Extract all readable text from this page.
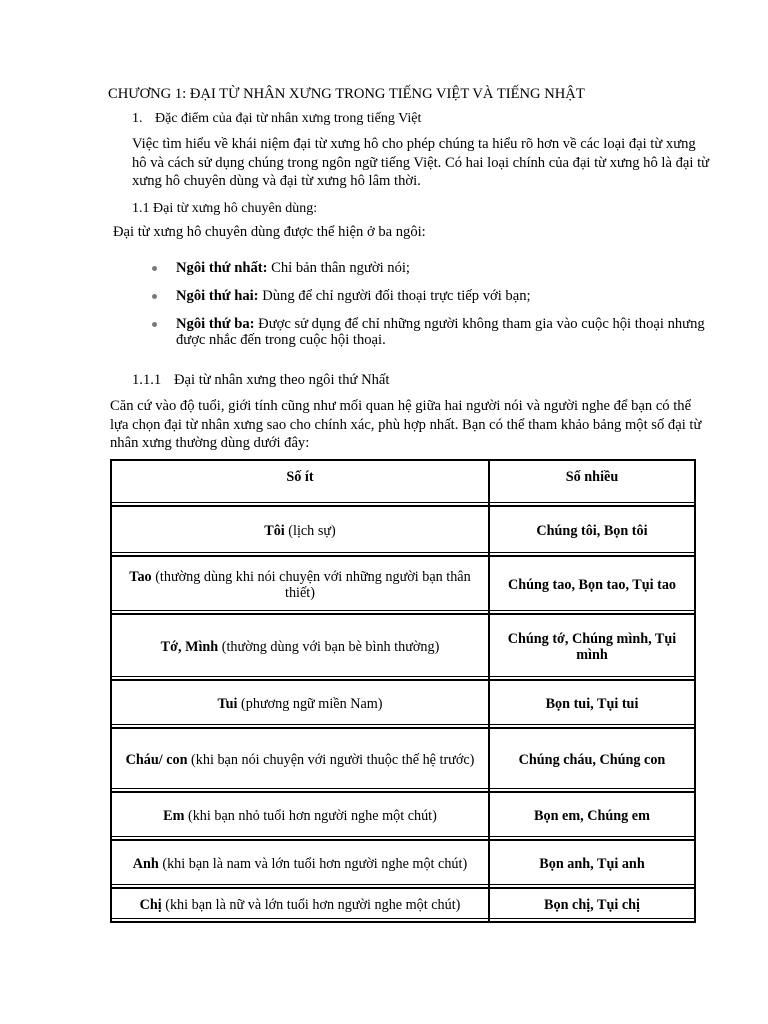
CHƯƠNG 1: ĐẠI TỪ NHÂN XƯNG TRONG TIẾNG VIỆT VÀ TIẾNG NHẬT

1. Đặc điểm của đại từ nhân xưng trong tiếng Việt

Việc tìm hiểu về khái niệm đại từ xưng hô cho phép chúng ta hiểu rõ hơn về các loại đại từ xưng hô và cách sử dụng chúng trong ngôn ngữ tiếng Việt. Có hai loại chính của đại từ xưng hô là đại từ xưng hô chuyên dùng và đại từ xưng hô lâm thời.

1.1 Đại từ xưng hô chuyên dùng:

Đại từ xưng hô chuyên dùng được thể hiện ở ba ngôi:

Ngôi thứ nhất: Chỉ bản thân người nói;
Ngôi thứ hai: Dùng để chỉ người đối thoại trực tiếp với bạn;
Ngôi thứ ba: Được sử dụng để chỉ những người không tham gia vào cuộc hội thoại nhưng được nhắc đến trong cuộc hội thoại.

1.1.1 Đại từ nhân xưng theo ngôi thứ Nhất

Căn cứ vào độ tuổi, giới tính cũng như mối quan hệ giữa hai người nói và người nghe để bạn có thể lựa chọn đại từ nhân xưng sao cho chính xác, phù hợp nhất. Bạn có thể tham khảo bảng một số đại từ nhân xưng thường dùng dưới đây:

Số ít	Số nhiều
Tôi (lịch sự)	Chúng tôi, Bọn tôi
Tao (thường dùng khi nói chuyện với những người bạn thân thiết)	Chúng tao, Bọn tao, Tụi tao
Tớ, Mình (thường dùng với bạn bè bình thường)	Chúng tớ, Chúng mình, Tụi mình
Tui (phương ngữ miền Nam)	Bọn tui, Tụi tui
Cháu/ con (khi bạn nói chuyện với người thuộc thế hệ trước)	Chúng cháu, Chúng con
Em (khi bạn nhỏ tuổi hơn người nghe một chút)	Bọn em, Chúng em
Anh (khi bạn là nam và lớn tuổi hơn người nghe một chút)	Bọn anh, Tụi anh
Chị (khi bạn là nữ và lớn tuổi hơn người nghe một chút)	Bọn chị, Tụi chị
